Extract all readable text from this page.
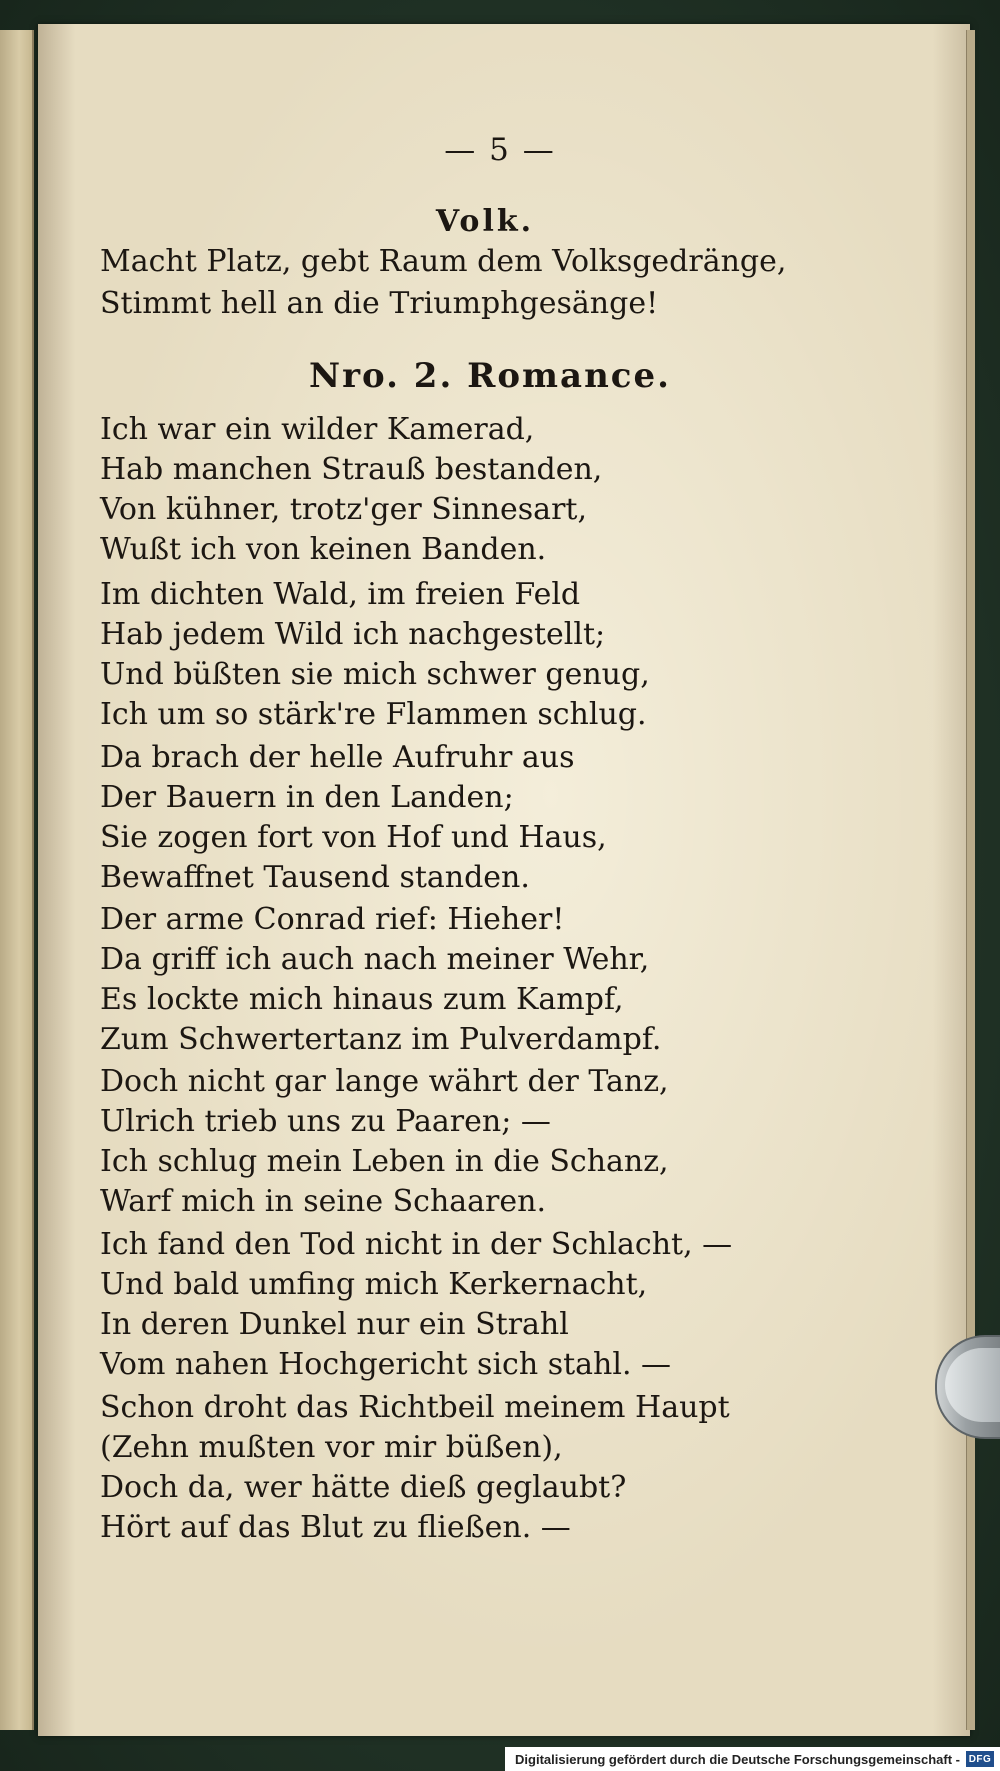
— 5 —
Volk.
Macht Platz, gebt Raum dem Volksgedränge,
Stimmt hell an die Triumphgesänge!
Nro. 2. Romance.
Ich war ein wilder Kamerad,
Hab manchen Strauß bestanden,
Von kühner, trotz'ger Sinnesart,
Wußt ich von keinen Banden.
Im dichten Wald, im freien Feld
Hab jedem Wild ich nachgestellt;
Und büßten sie mich schwer genug,
Ich um so stärk're Flammen schlug.
Da brach der helle Aufruhr aus
Der Bauern in den Landen;
Sie zogen fort von Hof und Haus,
Bewaffnet Tausend standen.
Der arme Conrad rief: Hieher!
Da griff ich auch nach meiner Wehr,
Es lockte mich hinaus zum Kampf,
Zum Schwertertanz im Pulverdampf.
Doch nicht gar lange währt der Tanz,
Ulrich trieb uns zu Paaren; —
Ich schlug mein Leben in die Schanz,
Warf mich in seine Schaaren.
Ich fand den Tod nicht in der Schlacht, —
Und bald umfing mich Kerkernacht,
In deren Dunkel nur ein Strahl
Vom nahen Hochgericht sich stahl. —
Schon droht das Richtbeil meinem Haupt
(Zehn mußten vor mir büßen),
Doch da, wer hätte dieß geglaubt?
Hört auf das Blut zu fließen. —
Digitalisierung gefördert durch die Deutsche Forschungsgemeinschaft - DFG
